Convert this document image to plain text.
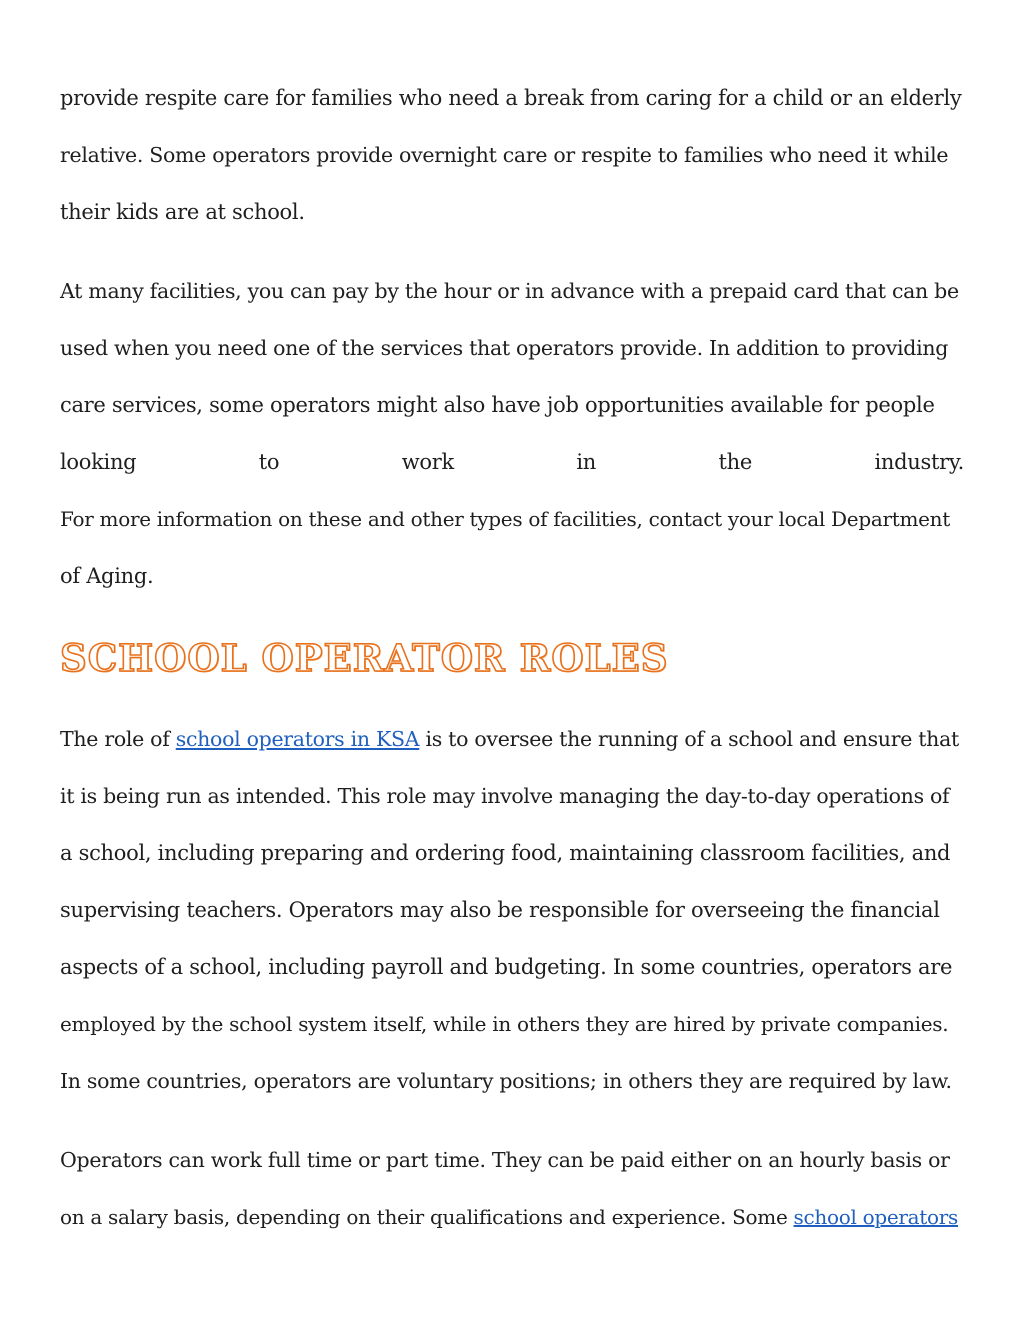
provide respite care for families who need a break from caring for a child or an elderly
relative. Some operators provide overnight care or respite to families who need it while
their kids are at school.

At many facilities, you can pay by the hour or in advance with a prepaid card that can be
used when you need one of the services that operators provide. In addition to providing
care services, some operators might also have job opportunities available for people
looking	to	work	in	the	industry.
For more information on these and other types of facilities, contact your local Department
of Aging.

SCHOOL OPERATOR ROLES

The role of school operators in KSA is to oversee the running of a school and ensure that
it is being run as intended. This role may involve managing the day-to-day operations of
a school, including preparing and ordering food, maintaining classroom facilities, and
supervising teachers. Operators may also be responsible for overseeing the financial
aspects of a school, including payroll and budgeting. In some countries, operators are
employed by the school system itself, while in others they are hired by private companies.
In some countries, operators are voluntary positions; in others they are required by law.

Operators can work full time or part time. They can be paid either on an hourly basis or
on a salary basis, depending on their qualifications and experience. Some school operators
